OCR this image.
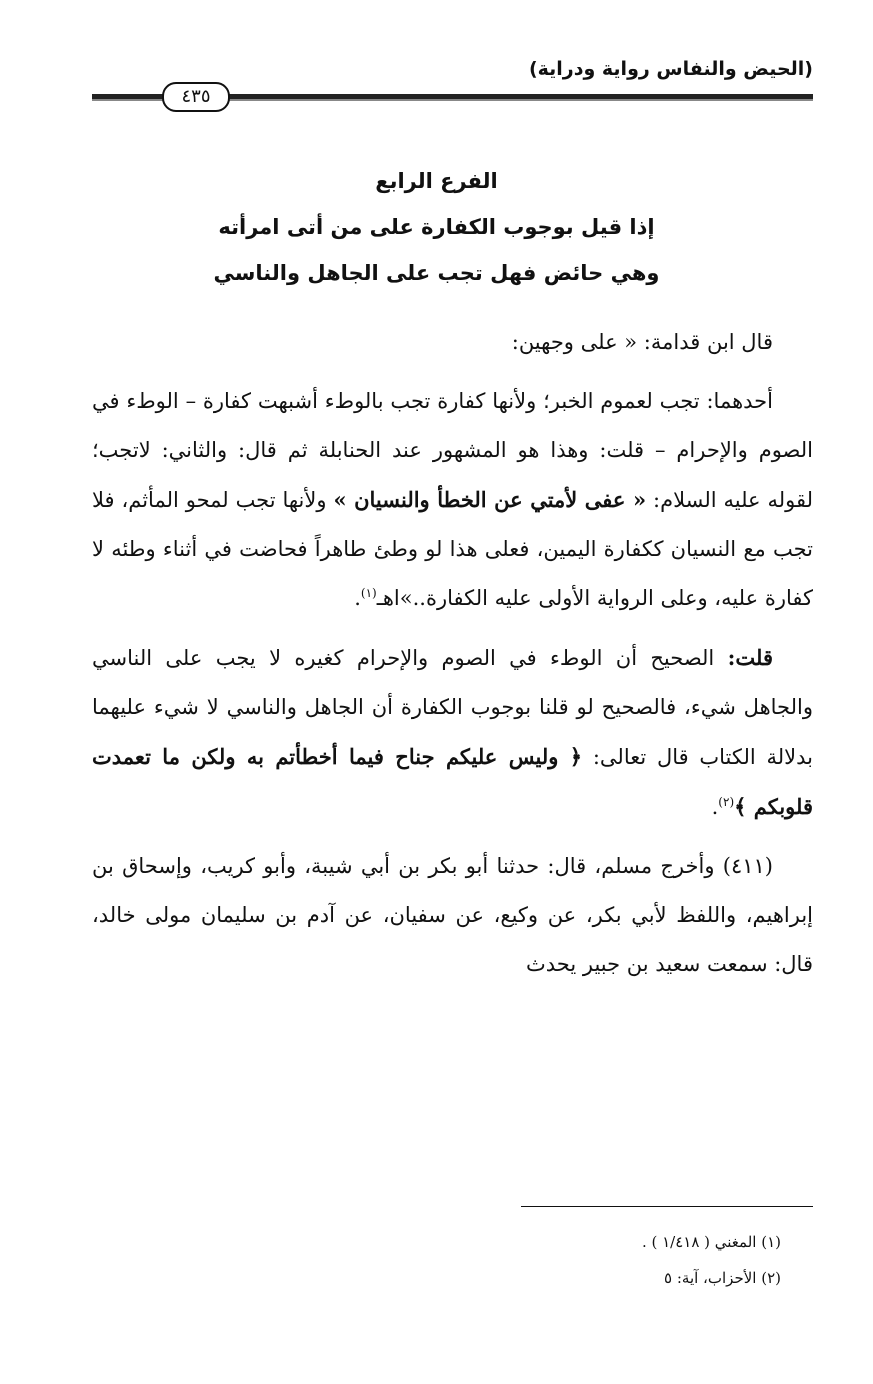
(الحيض والنفاس رواية ودراية)
٤٣٥
الفرع الرابع
إذا قيل بوجوب الكفارة على من أتى امرأته
وهي حائض فهل تجب على الجاهل والناسي

قال ابن قدامة: « على وجهين:

أحدهما: تجب لعموم الخبر؛ ولأنها كفارة تجب بالوطء أشبهت كفارة – الوطء في الصوم والإحرام – قلت: وهذا هو المشهور عند الحنابلة ثم قال: والثاني: لاتجب؛ لقوله عليه السلام: « عفى لأمتي عن الخطأ والنسيان » ولأنها تجب لمحو المأثم، فلا تجب مع النسيان ككفارة اليمين، فعلى هذا لو وطئ طاهراً فحاضت في أثناء وطئه لا كفارة عليه، وعلى الرواية الأولى عليه الكفارة..»اهـ$^{(١)}$.

قلت: الصحيح أن الوطء في الصوم والإحرام كغيره لا يجب على الناسي والجاهل شيء، فالصحيح لو قلنا بوجوب الكفارة أن الجاهل والناسي لا شيء عليهما بدلالة الكتاب قال تعالى: ﴿ وليس عليكم جناح فيما أخطأتم به ولكن ما تعمدت قلوبكم ﴾$^{(٢)}$.

(٤١١) وأخرج مسلم، قال: حدثنا أبو بكر بن أبي شيبة، وأبو كريب، وإسحاق بن إبراهيم، واللفظ لأبي بكر، عن وكيع، عن سفيان، عن آدم بن سليمان مولى خالد، قال: سمعت سعيد بن جبير يحدث

(١) المغني ( ١/٤١٨ ) .
(٢) الأحزاب، آية: ٥
